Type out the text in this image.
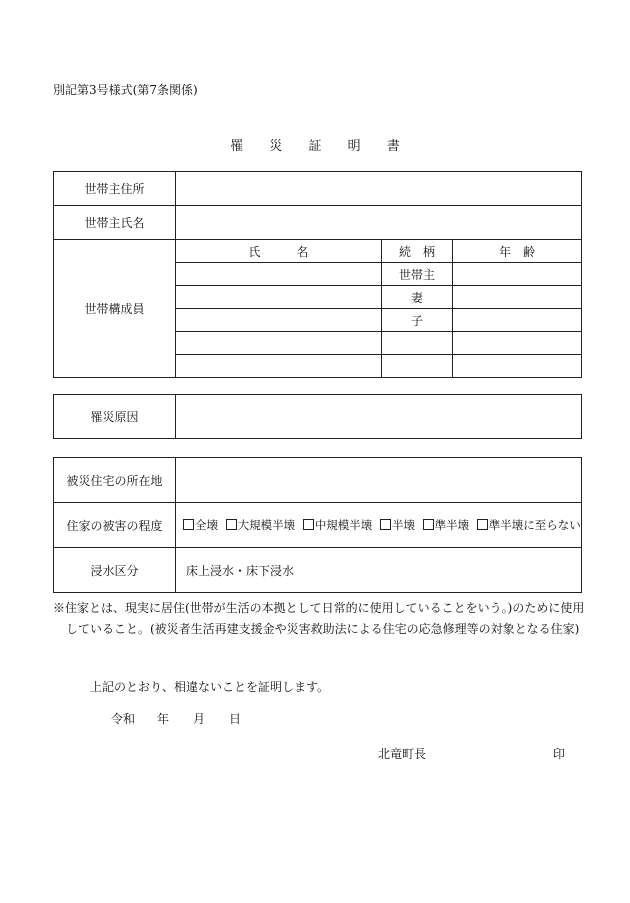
別記第3号様式(第7条関係)
罹 災 証 明 書
世帯主住所			
世帯主氏名			
世帯構成員	氏　　　名	続　柄	年　齢
		世帯主	
		妻	
		子	

罹災原因	
被災住宅の所在地	
住家の被害の程度	全壊 大規模半壊 中規模半壊 半壊 準半壊 準半壊に至らない
浸水区分	床上浸水・床下浸水
※住家とは、現実に居住(世帯が生活の本拠として日常的に使用していることをいう。)のために使用
していること。(被災者生活再建支援金や災害救助法による住宅の応急修理等の対象となる住家)
上記のとおり、相違ないことを証明します。
令和 年 月 日
北竜町長	印
